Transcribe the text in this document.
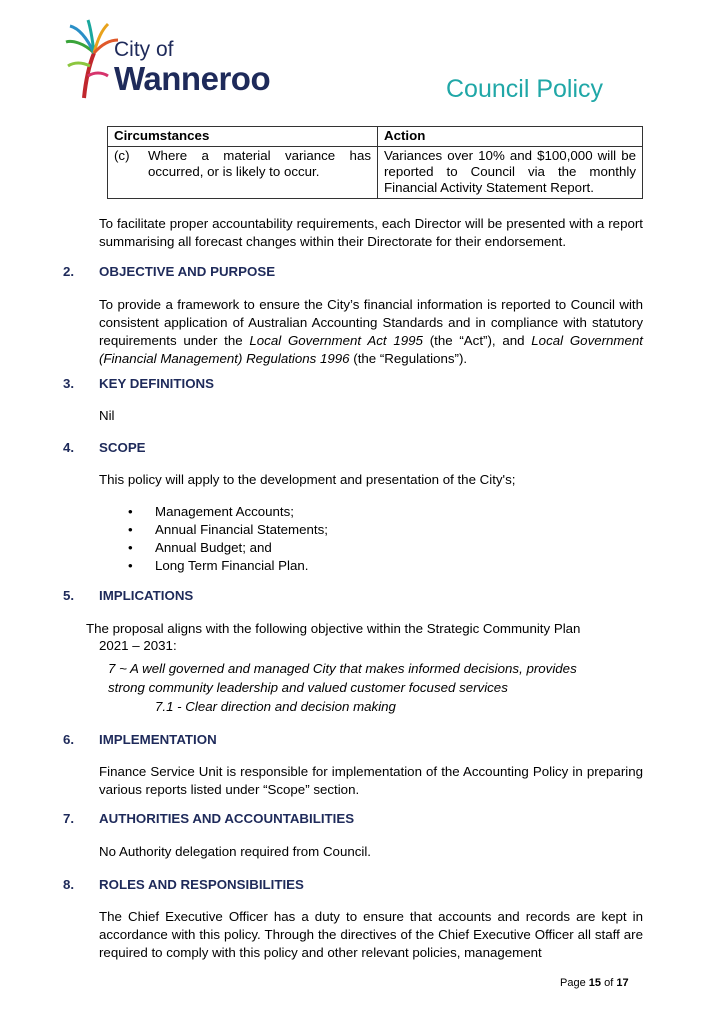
City of
Wanneroo	Council Policy
Circumstances	Action

(c) Where a material variance has occurred, or is likely to occur.	Variances over 10% and $100,000 will be reported to Council via the monthly Financial Activity Statement Report.
To facilitate proper accountability requirements, each Director will be presented with a report summarising all forecast changes within their Directorate for their endorsement.
2. OBJECTIVE AND PURPOSE
To provide a framework to ensure the City’s financial information is reported to Council with consistent application of Australian Accounting Standards and in compliance with statutory requirements under the Local Government Act 1995 (the “Act”), and Local Government (Financial Management) Regulations 1996 (the “Regulations”).
3. KEY DEFINITIONS
Nil
4. SCOPE
This policy will apply to the development and presentation of the City's;
• Management Accounts;
• Annual Financial Statements;
• Annual Budget; and
• Long Term Financial Plan.
5. IMPLICATIONS
The proposal aligns with the following objective within the Strategic Community Plan
2021 – 2031:
7 ~ A well governed and managed City that makes informed decisions, provides
strong community leadership and valued customer focused services
7.1 - Clear direction and decision making
6. IMPLEMENTATION
Finance Service Unit is responsible for implementation of the Accounting Policy in preparing various reports listed under “Scope” section.
7. AUTHORITIES AND ACCOUNTABILITIES
No Authority delegation required from Council.
8. ROLES AND RESPONSIBILITIES
The Chief Executive Officer has a duty to ensure that accounts and records are kept in accordance with this policy. Through the directives of the Chief Executive Officer all staff are required to comply with this policy and other relevant policies, management
Page 15 of 17
